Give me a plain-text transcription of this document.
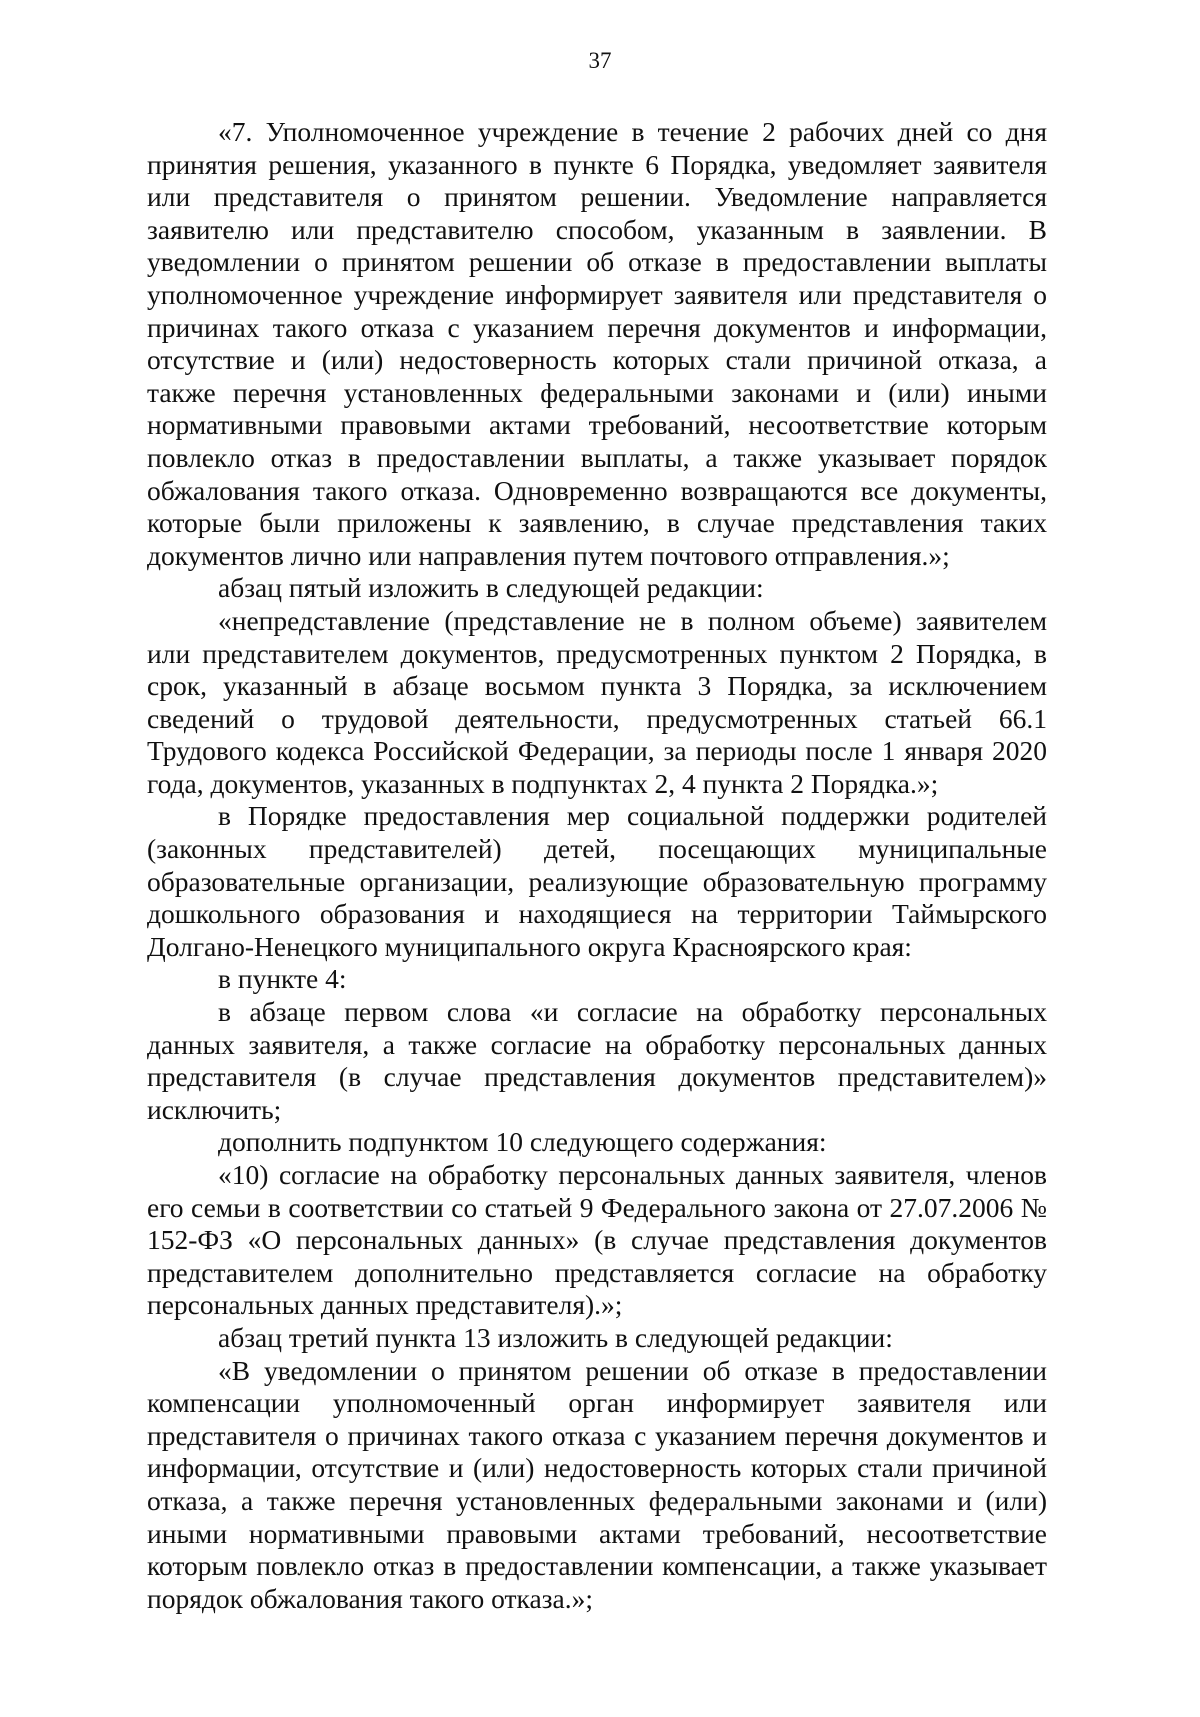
37

«7. Уполномоченное учреждение в течение 2 рабочих дней со дня принятия решения, указанного в пункте 6 Порядка, уведомляет заявителя или представителя о принятом решении. Уведомление направляется заявителю или представителю способом, указанным в заявлении. В уведомлении о принятом решении об отказе в предоставлении выплаты уполномоченное учреждение информирует заявителя или представителя о причинах такого отказа с указанием перечня документов и информации, отсутствие и (или) недостоверность которых стали причиной отказа, а также перечня установленных федеральными законами и (или) иными нормативными правовыми актами требований, несоответствие которым повлекло отказ в предоставлении выплаты, а также указывает порядок обжалования такого отказа. Одновременно возвращаются все документы, которые были приложены к заявлению, в случае представления таких документов лично или направления путем почтового отправления.»;

абзац пятый изложить в следующей редакции:

«непредставление (представление не в полном объеме) заявителем или представителем документов, предусмотренных пунктом 2 Порядка, в срок, указанный в абзаце восьмом пункта 3 Порядка, за исключением сведений о трудовой деятельности, предусмотренных статьей 66.1 Трудового кодекса Российской Федерации, за периоды после 1 января 2020 года, документов, указанных в подпунктах 2, 4 пункта 2 Порядка.»;

в Порядке предоставления мер социальной поддержки родителей (законных представителей) детей, посещающих муниципальные образовательные организации, реализующие образовательную программу дошкольного образования и находящиеся на территории Таймырского Долгано-Ненецкого муниципального округа Красноярского края:

в пункте 4:

в абзаце первом слова «и согласие на обработку персональных данных заявителя, а также согласие на обработку персональных данных представителя (в случае представления документов представителем)» исключить;

дополнить подпунктом 10 следующего содержания:

«10) согласие на обработку персональных данных заявителя, членов его семьи в соответствии со статьей 9 Федерального закона от 27.07.2006 № 152-ФЗ «О персональных данных» (в случае представления документов представителем дополнительно представляется согласие на обработку персональных данных представителя).»;

абзац третий пункта 13 изложить в следующей редакции:

«В уведомлении о принятом решении об отказе в предоставлении компенсации уполномоченный орган информирует заявителя или представителя о причинах такого отказа с указанием перечня документов и информации, отсутствие и (или) недостоверность которых стали причиной отказа, а также перечня установленных федеральными законами и (или) иными нормативными правовыми актами требований, несоответствие которым повлекло отказ в предоставлении компенсации, а также указывает порядок обжалования такого отказа.»;
